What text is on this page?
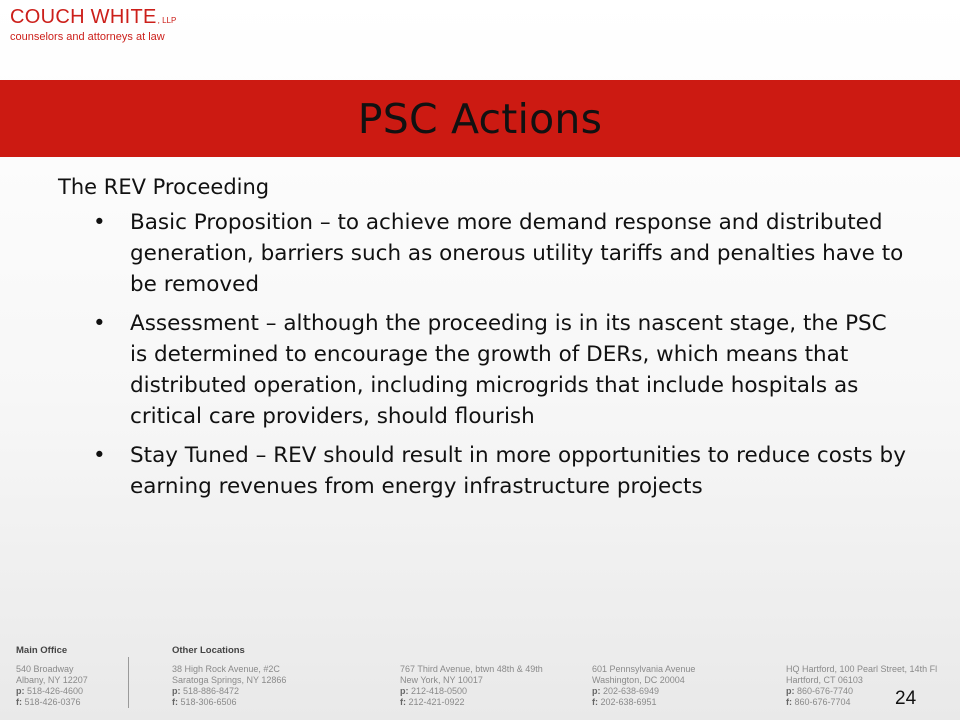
COUCH WHITE, LLP
counselors and attorneys at law
PSC Actions
The REV Proceeding
• Basic Proposition – to achieve more demand response and distributed generation, barriers such as onerous utility tariffs and penalties have to be removed
• Assessment – although the proceeding is in its nascent stage, the PSC is determined to encourage the growth of DERs, which means that distributed operation, including microgrids that include hospitals as critical care providers, should flourish
• Stay Tuned – REV should result in more opportunities to reduce costs by earning revenues from energy infrastructure projects
Main Office	Other Locations
540 Broadway
Albany, NY 12207
p: 518-426-4600
f: 518-426-0376
38 High Rock Avenue, #2C
Saratoga Springs, NY 12866
p: 518-886-8472
f: 518-306-6506
767 Third Avenue, btwn 48th & 49th
New York, NY 10017
p: 212-418-0500
f: 212-421-0922
601 Pennsylvania Avenue
Washington, DC 20004
p: 202-638-6949
f: 202-638-6951
HQ Hartford, 100 Pearl Street, 14th Fl
Hartford, CT 06103
p: 860-676-7740
f: 860-676-7704	24
